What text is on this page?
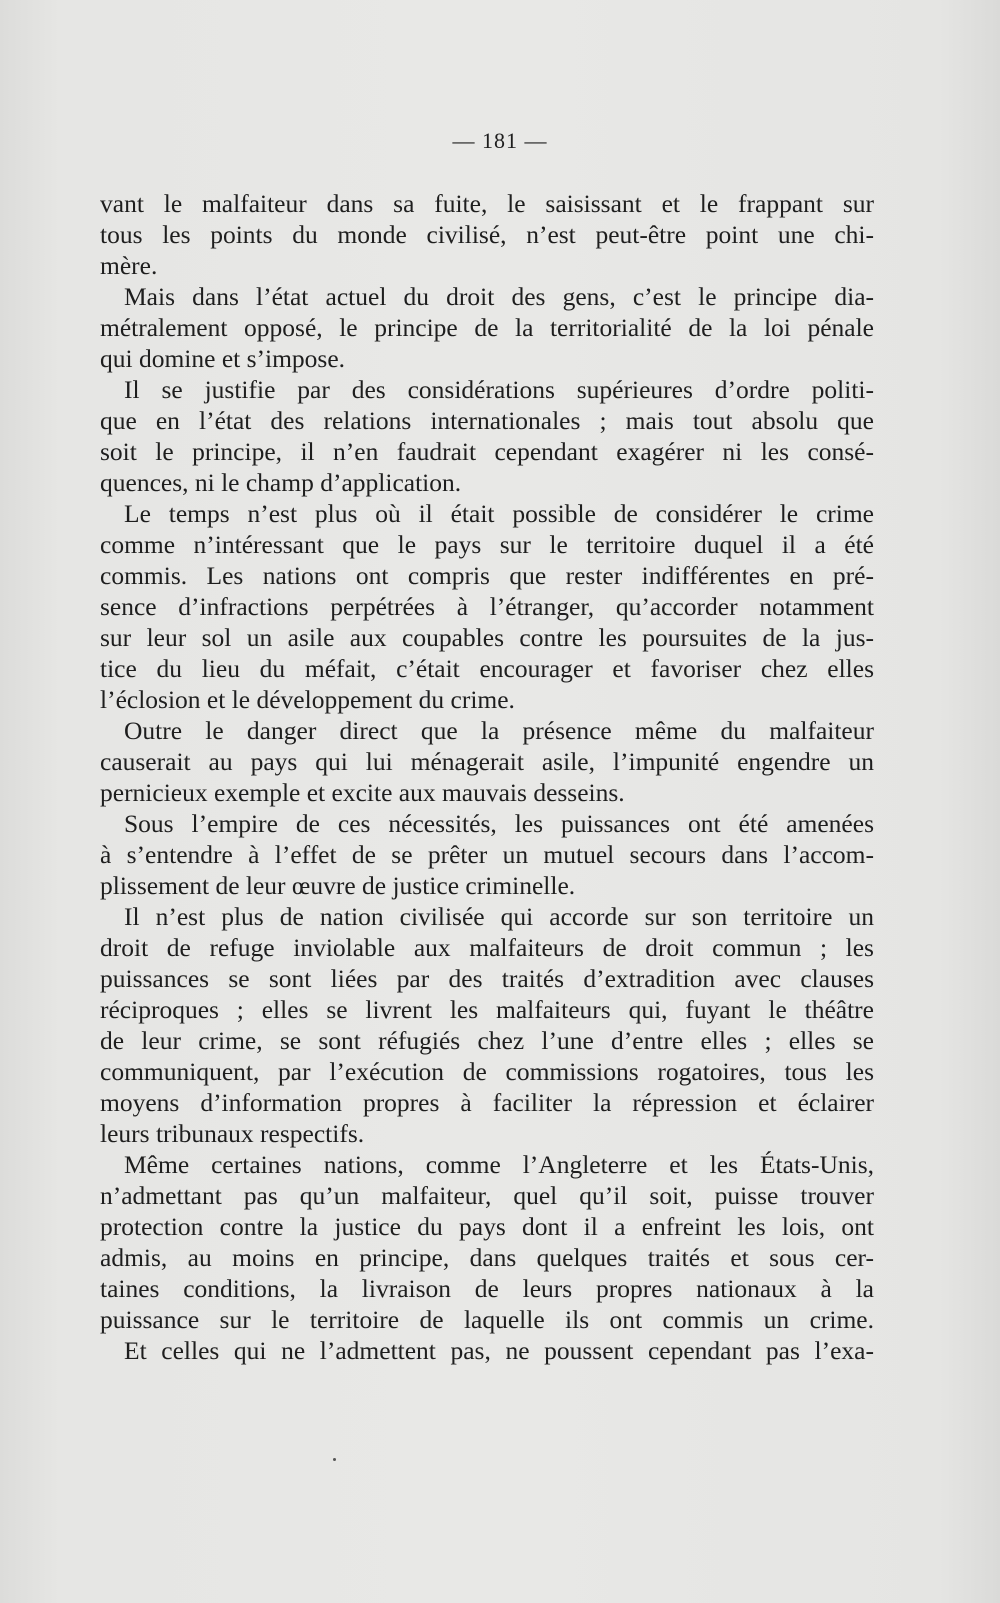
— 181 —
vant le malfaiteur dans sa fuite, le saisissant et le frappant sur
tous les points du monde civilisé, n’est peut-être point une chi-
mère.
Mais dans l’état actuel du droit des gens, c’est le principe dia-
métralement opposé, le principe de la territorialité de la loi pénale
qui domine et s’impose.
Il se justifie par des considérations supérieures d’ordre politi-
que en l’état des relations internationales ; mais tout absolu que
soit le principe, il n’en faudrait cependant exagérer ni les consé-
quences, ni le champ d’application.
Le temps n’est plus où il était possible de considérer le crime
comme n’intéressant que le pays sur le territoire duquel il a été
commis. Les nations ont compris que rester indifférentes en pré-
sence d’infractions perpétrées à l’étranger, qu’accorder notamment
sur leur sol un asile aux coupables contre les poursuites de la jus-
tice du lieu du méfait, c’était encourager et favoriser chez elles
l’éclosion et le développement du crime.
Outre le danger direct que la présence même du malfaiteur
causerait au pays qui lui ménagerait asile, l’impunité engendre un
pernicieux exemple et excite aux mauvais desseins.
Sous l’empire de ces nécessités, les puissances ont été amenées
à s’entendre à l’effet de se prêter un mutuel secours dans l’accom-
plissement de leur œuvre de justice criminelle.
Il n’est plus de nation civilisée qui accorde sur son territoire un
droit de refuge inviolable aux malfaiteurs de droit commun ; les
puissances se sont liées par des traités d’extradition avec clauses
réciproques ; elles se livrent les malfaiteurs qui, fuyant le théâtre
de leur crime, se sont réfugiés chez l’une d’entre elles ; elles se
communiquent, par l’exécution de commissions rogatoires, tous les
moyens d’information propres à faciliter la répression et éclairer
leurs tribunaux respectifs.
Même certaines nations, comme l’Angleterre et les États-Unis,
n’admettant pas qu’un malfaiteur, quel qu’il soit, puisse trouver
protection contre la justice du pays dont il a enfreint les lois, ont
admis, au moins en principe, dans quelques traités et sous cer-
taines conditions, la livraison de leurs propres nationaux à la
puissance sur le territoire de laquelle ils ont commis un crime.
Et celles qui ne l’admettent pas, ne poussent cependant pas l’exa-
